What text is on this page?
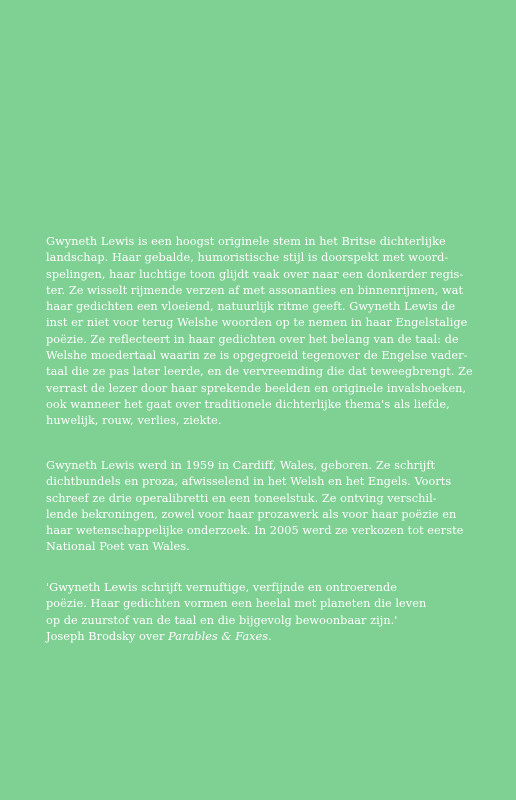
Gwyneth Lewis is een hoogst originele stem in het Britse dichterlijke
landschap. Haar gebalde, humoristische stijl is doorspekt met woord-
spelingen, haar luchtige toon glijdt vaak over naar een donkerder regis-
ter. Ze wisselt rijmende verzen af met assonanties en binnenrijmen, wat
haar gedichten een vloeiend, natuurlijk ritme geeft. Gwyneth Lewis de
inst er niet voor terug Welshe woorden op te nemen in haar Engelstalige
poëzie. Ze reflecteert in haar gedichten over het belang van de taal: de
Welshe moedertaal waarin ze is opgegroeid tegenover de Engelse vader-
taal die ze pas later leerde, en de vervreemding die dat teweegbrengt. Ze
verrast de lezer door haar sprekende beelden en originele invalshoeken,
ook wanneer het gaat over traditionele dichterlijke thema's als liefde,
huwelijk, rouw, verlies, ziekte.
Gwyneth Lewis werd in 1959 in Cardiff, Wales, geboren. Ze schrijft
dichtbundels en proza, afwisselend in het Welsh en het Engels. Voorts
schreef ze drie operalibretti en een toneelstuk. Ze ontving verschil-
lende bekroningen, zowel voor haar prozawerk als voor haar poëzie en
haar wetenschappelijke onderzoek. In 2005 werd ze verkozen tot eerste
National Poet van Wales.
'Gwyneth Lewis schrijft vernuftige, verfijnde en ontroerende
poëzie. Haar gedichten vormen een heelal met planeten die leven
op de zuurstof van de taal en die bijgevolg bewoonbaar zijn.'
Joseph Brodsky over Parables & Faxes.
